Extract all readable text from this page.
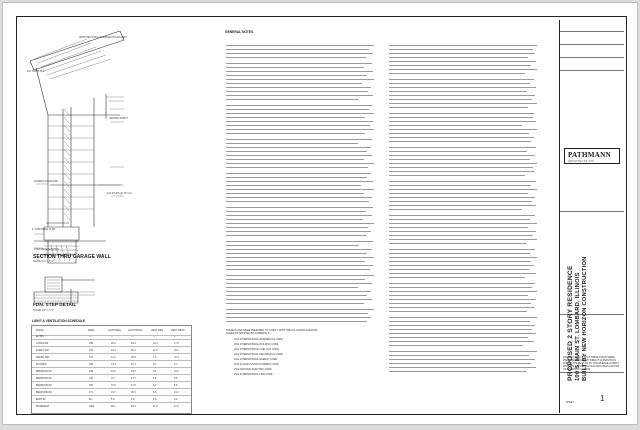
ARCHITECTURAL SHINGLES ON #15 FELT
2x6 TOP PLATE
VENTED SOFFIT
LOWER FLOOR LINE
2x4 STUDS @ 16" O.C.
4" CONCRETE SLAB
CONCRETE FOOTING
SECTION THRU GARAGE WALL
SCALE: 1/2" = 1'-0"
FDN. STEP DETAIL
SCALE: 1/2" = 1'-0"
GENERAL NOTES
THESE PLANS WERE PREPARED TO COMPLY WITH THE FOLLOWING BUILDING CODES AS ADOPTED BY LOMBARD, IL:
2012 INTERNATIONAL RESIDENTIAL CODE
2012 INTERNATIONAL BUILDING CODE
2012 INTERNATIONAL FUEL GAS CODE
2012 INTERNATIONAL MECHANICAL CODE
2012 INTERNATIONAL ENERGY CODE
2014 ILLINOIS STATE PLUMBING CODE
2011 NATIONAL ELECTRIC CODE
2012 INTERNATIONAL FIRE CODE
LIGHT & VENTILATION SCHEDULE
ROOM	AREA	LIGHT REQ	LIGHT PROV	VENT REQ	VENT PROV
ENTRY	—	—	—	—	—
LIVING RM	258	20.6	34.9	10.3	17.5
FAMILY RM	279	22.3	30.4	11.2	15.2
DINING RM	176	14.1	20.5	7.0	10.3
KITCHEN	168	13.4	17.4	6.7	8.7
BEDROOM #1	238	19.0	24.0	9.5	12.0
BEDROOM #2	146	11.7	17.5	5.8	8.8
BEDROOM #3	156	12.5	17.5	6.2	8.8
BEDROOM #4	171	13.7	20.5	6.8	10.3
BATH #1	62	5.0	6.0	2.5	3.0
BASEMENT	1064	85.1	94.5	42.6	47.3
PATHMANN
ARCHITECTS INC.
I/WE DO CERTIFY THAT THESE PLANS WERE PREPARED UNDER MY DIRECT SUPERVISION AND TO THE BEST OF MY KNOWLEDGE COMPLY WITH THE APPLICABLE BUILDING REGULATIONS OF LOMBARD, ILLINOIS.
1
SHEET
PROPOSED 2 STORY RESIDENCE 100 S. MAIN ST. LOMBARD, ILLINOIS BUILT BY NEW HORIZON CONSTRUCTION
